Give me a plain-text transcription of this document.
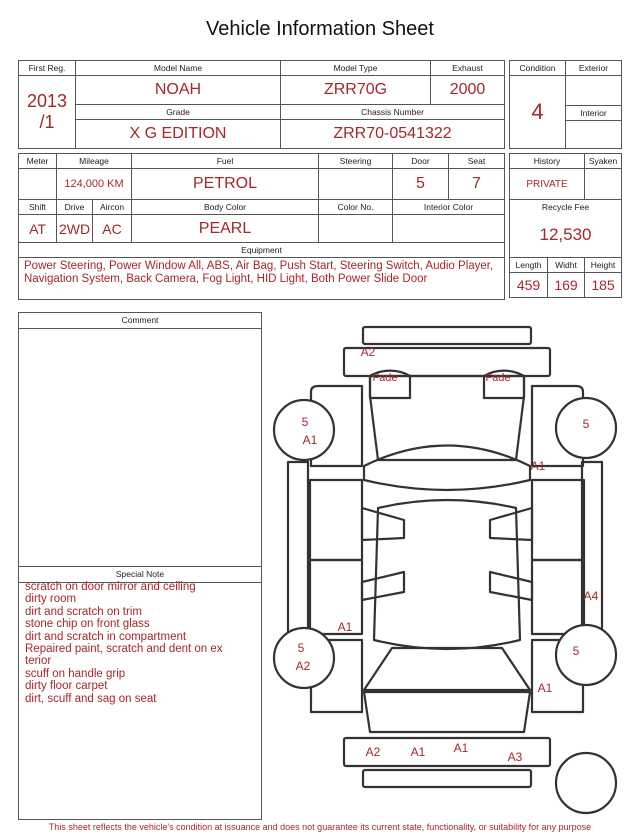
Vehicle Information Sheet
First Reg.	Model Name	Model Type	Exhaust

2013
/1	NOAH	ZRR70G	2000
	Grade	Chassis Number	
	X G EDITION	ZRR70-0541322	
Condition	Exterior
4	
	Interior

Meter	Mileage		Fuel	Steering	Door	Seat
	124,000 KM		PETROL		5	7
Shift	Drive	Aircon	Body Color	Color No.	Interior Color	
AT	2WD	AC	PEARL			
Equipment						
Power Steering, Power Window All, ABS, Air Bag, Push Start, Steering Switch, Audio Player, Navigation System, Back Camera, Fog Light, HID Light, Both Power Slide Door						
History		Syaken
PRIVATE		
Recycle Fee		
12,530		
Length	Widht	Height
459	169	185
Comment
Special Note
scratch on door mirror and ceiling
dirty room
dirt and scratch on trim
stone chip on front glass
dirt and scratch in compartment
Repaired paint, scratch and dent on ex
terior
scuff on handle grip
dirty floor carpet
dirt, scuff and sag on seat
A2
Fade	Fade
5
A1
5
A1
A4
A1
5
A2
5
A1
A2	A1 A1
A3
This sheet reflects the vehicle's condition at issuance and does not guarantee its current state, functionality, or suitability for any purpose
